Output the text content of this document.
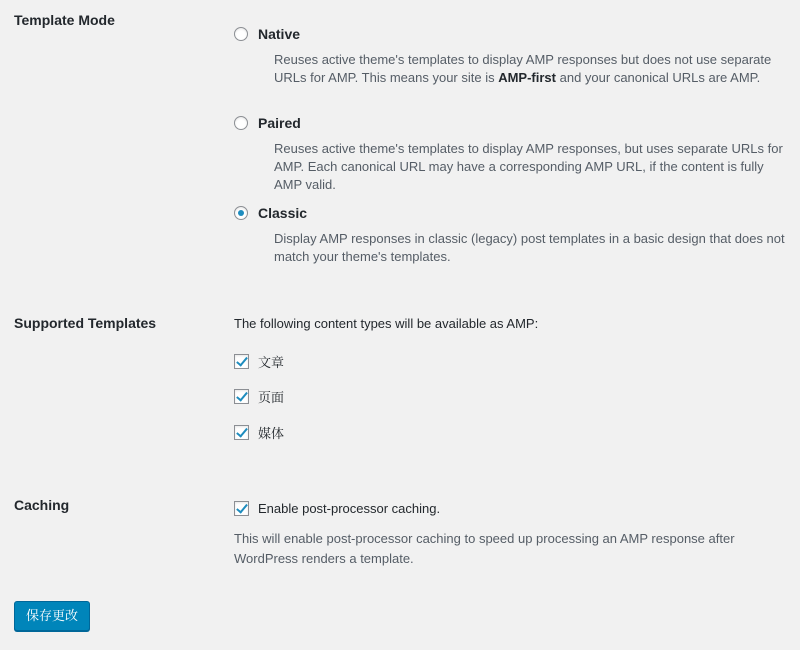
Template Mode
Native
Reuses active theme's templates to display AMP responses but does not use separate URLs for AMP. This means your site is AMP-first and your canonical URLs are AMP.
Paired
Reuses active theme's templates to display AMP responses, but uses separate URLs for AMP. Each canonical URL may have a corresponding AMP URL, if the content is fully AMP valid.
Classic
Display AMP responses in classic (legacy) post templates in a basic design that does not match your theme's templates.
Supported Templates	The following content types will be available as AMP:
文章
页面
媒体
Caching	Enable post-processor caching.
This will enable post-processor caching to speed up processing an AMP response after WordPress renders a template.
保存更改
